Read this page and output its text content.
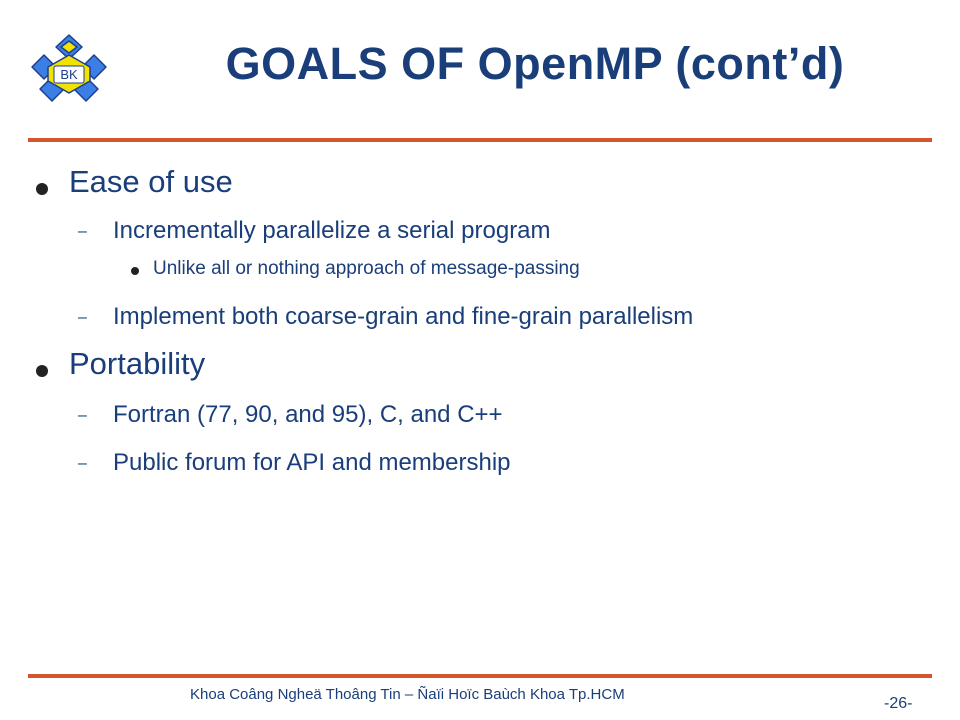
BK	GOALS OF OpenMP (cont’d)
Ease of use
– Incrementally parallelize a serial program
Unlike all or nothing approach of message-passing
– Implement both coarse-grain and fine-grain parallelism
Portability
– Fortran (77, 90, and 95), C, and C++
– Public forum for API and membership
Khoa Coâng Ngheä Thoâng Tin – Ñaïi Hoïc Baùch Khoa Tp.HCM
-26-
